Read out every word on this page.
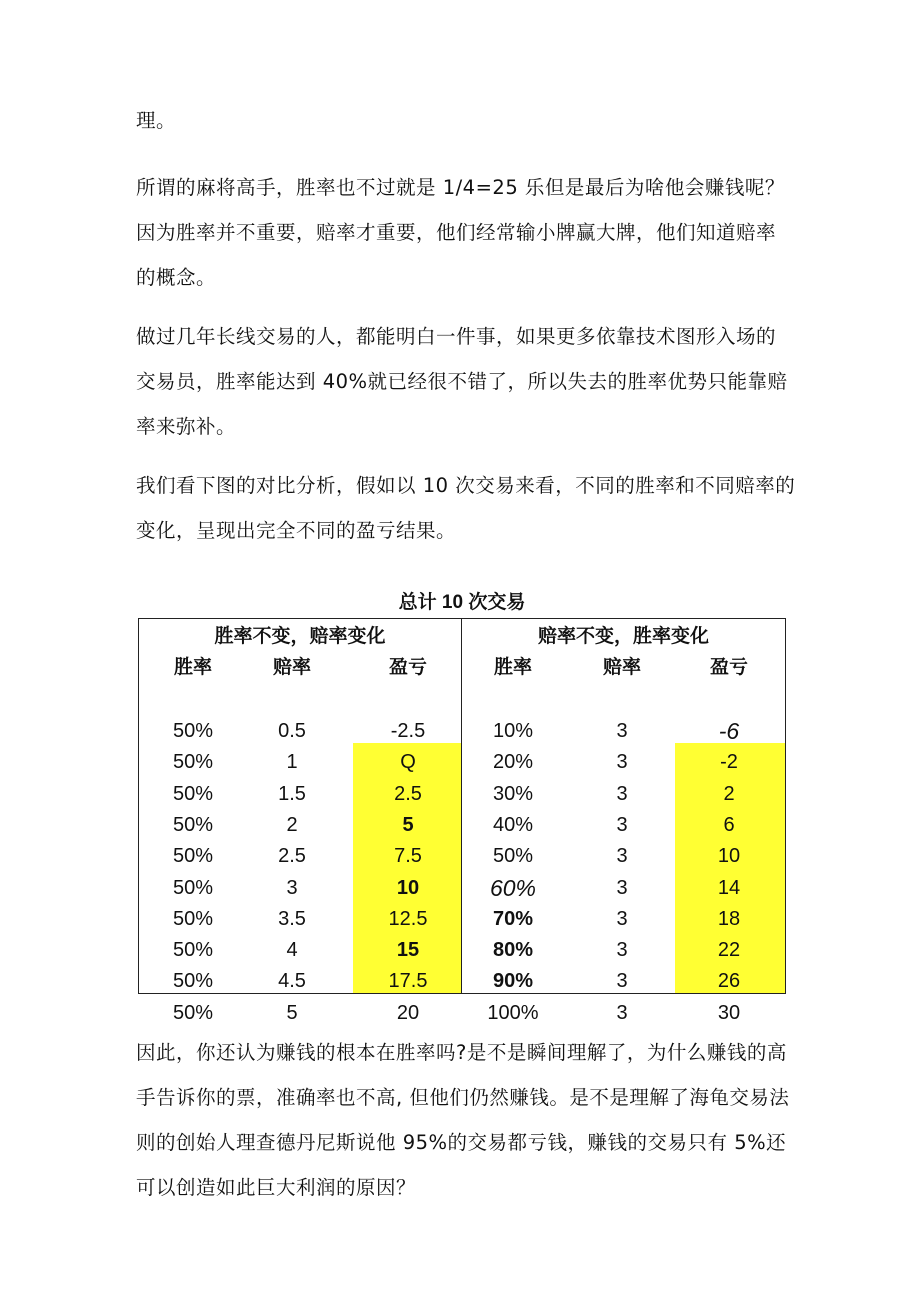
理。

所谓的麻将高手，胜率也不过就是 1/4=25 乐但是最后为啥他会赚钱呢？
因为胜率并不重要，赔率才重要，他们经常输小牌赢大牌，他们知道赔率
的概念。

做过几年长线交易的人，都能明白一件事，如果更多依靠技术图形入场的
交易员，胜率能达到 40%就已经很不错了，所以失去的胜率优势只能靠赔
率来弥补。

我们看下图的对比分析，假如以 10 次交易来看，不同的胜率和不同赔率的
变化，呈现出完全不同的盈亏结果。

总计 10 次交易
胜率不变，赔率变化	赔率不变，胜率变化
胜率	赔率	盈亏	胜率	赔率	盈亏
50%	0.5	-2.5	10%	3	-6
50%	1	Q	20%	3	-2
50%	1.5	2.5	30%	3	2
50%	2	5	40%	3	6
50%	2.5	7.5	50%	3	10
50%	3	10	60%	3	14
50%	3.5	12.5	70%	3	18
50%	4	15	80%	3	22
50%	4.5	17.5	90%	3	26
50%	5	20	100%	3	30

因此，你还认为赚钱的根本在胜率吗?是不是瞬间理解了，为什么赚钱的高
手告诉你的票，准确率也不高, 但他们仍然赚钱。是不是理解了海龟交易法
则的创始人理查德丹尼斯说他 95%的交易都亏钱，赚钱的交易只有 5%还
可以创造如此巨大利润的原因？
